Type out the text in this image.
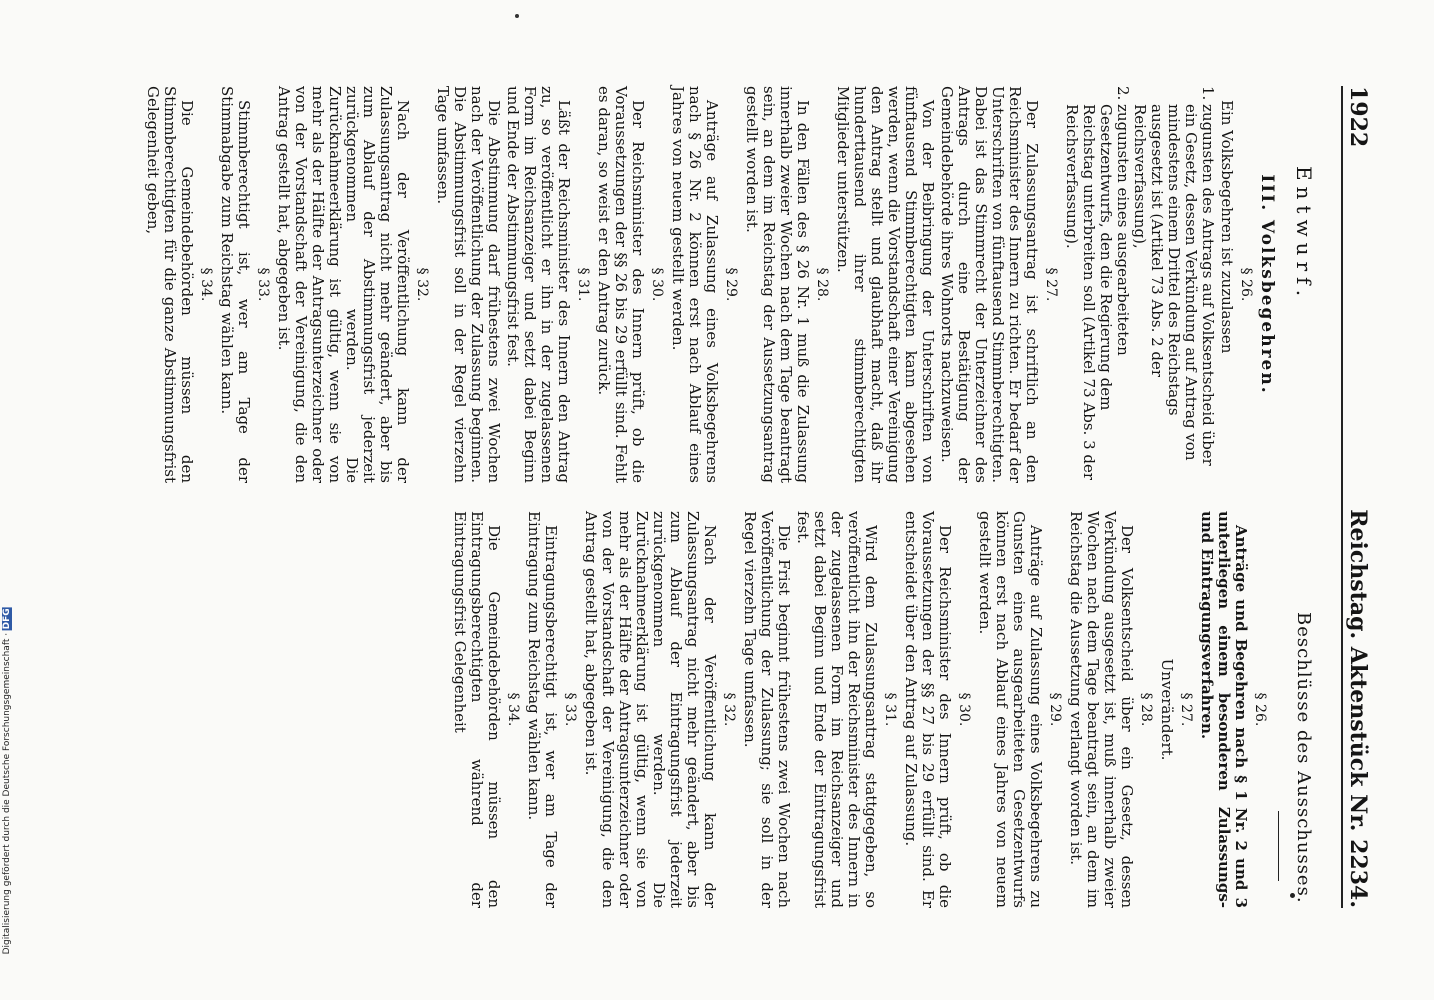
1922
Reichstag. Aktenstück Nr. 2234.
Entwurf.
Beschlüsse des Ausschusses.
III. Volksbegehren.
§ 26.

Ein Volksbegehren ist zuzulassen

1.
zugunsten des Antrags auf Volksentscheid über ein Gesetz, dessen Verkündung auf Antrag von mindestens einem Drittel des Reichstags ausgesetzt ist (Artikel 73 Abs. 2 der Reichsverfassung),
2.
zugunsten eines ausgearbeiteten Gesetzentwurfs, den die Regierung dem Reichstag unterbreiten soll (Artikel 73 Abs. 3 der Reichsverfassung).
§ 27.

Der Zulassungsantrag ist schriftlich an den Reichsminister des Innern zu richten. Er bedarf der Unterschriften von fünftausend Stimmberechtigten. Dabei ist das Stimmrecht der Unterzeichner des Antrags durch eine Bestätigung der Gemeindebehörde ihres Wohnorts nachzuweisen.

Von der Beibringung der Unterschriften von fünftausend Stimmberechtigten kann abgesehen werden, wenn die Vorstandschaft einer Vereinigung den Antrag stellt und glaubhaft macht, daß ihr hunderttausend ihrer stimmberechtigten Mitglieder unterstützen.

§ 28.

In den Fällen des § 26 Nr. 1 muß die Zulassung innerhalb zweier Wochen nach dem Tage beantragt sein, an dem im Reichstag der Aussetzungsantrag gestellt worden ist.

§ 29.

Anträge auf Zulassung eines Volksbegehrens nach § 26 Nr. 2 können erst nach Ablauf eines Jahres von neuem gestellt werden.

§ 30.

Der Reichsminister des Innern prüft, ob die Voraussetzungen der §§ 26 bis 29 erfüllt sind. Fehlt es daran, so weist er den Antrag zurück.

§ 31.

Läßt der Reichsminister des Innern den Antrag zu, so veröffentlicht er ihn in der zugelassenen Form im Reichsanzeiger und setzt dabei Beginn und Ende der Abstimmungsfrist fest.

Die Abstimmung darf frühestens zwei Wochen nach der Veröffentlichung der Zulassung beginnen. Die Abstimmungsfrist soll in der Regel vierzehn Tage umfassen.

§ 32.

Nach der Veröffentlichung kann der Zulassungsantrag nicht mehr geändert, aber bis zum Ablauf der Abstimmungsfrist jederzeit zurückgenommen werden. Die Zurücknahmeerklärung ist gültig, wenn sie von mehr als der Hälfte der Antragsunterzeichner oder von der Vorstandschaft der Vereinigung, die den Antrag gestellt hat, abgegeben ist.

§ 33.

Stimmberechtigt ist, wer am Tage der Stimmabgabe zum Reichstag wählen kann.

§ 34.

Die Gemeindebehörden müssen den Stimmberechtigten für die ganze Abstimmungsfrist Gelegenheit geben,

§ 26.

Anträge und Begehren nach § 1 Nr. 2 und 3 unterliegen einem besonderen Zulassungs- und Eintragungsverfahren.

§ 27.

Unverändert.

§ 28.

Der Volksentscheid über ein Gesetz, dessen Verkündung ausgesetzt ist, muß innerhalb zweier Wochen nach dem Tage beantragt sein, an dem im Reichstag die Aussetzung verlangt worden ist.

§ 29.

Anträge auf Zulassung eines Volksbegehrens zu Gunsten eines ausgearbeiteten Gesetzentwurfs können erst nach Ablauf eines Jahres von neuem gestellt werden.

§ 30.

Der Reichsminister des Innern prüft, ob die Voraussetzungen der §§ 27 bis 29 erfüllt sind. Er entscheidet über den Antrag auf Zulassung.

§ 31.

Wird dem Zulassungsantrag stattgegeben, so veröffentlicht ihn der Reichsminister des Innern in der zugelassenen Form im Reichsanzeiger und setzt dabei Beginn und Ende der Eintragungsfrist fest.

Die Frist beginnt frühestens zwei Wochen nach Veröffentlichung der Zulassung; sie soll in der Regel vierzehn Tage umfassen.

§ 32.

Nach der Veröffentlichung kann der Zulassungsantrag nicht mehr geändert, aber bis zum Ablauf der Eintragungsfrist jederzeit zurückgenommen werden. Die Zurücknahmeerklärung ist gültig, wenn sie von mehr als der Hälfte der Antragsunterzeichner oder von der Vorstandschaft der Vereinigung, die den Antrag gestellt hat, abgegeben ist.

§ 33.

Eintragungsberechtigt ist, wer am Tage der Eintragung zum Reichstag wählen kann.

§ 34.

Die Gemeindebehörden müssen den Eintragungsberechtigten während der Eintragungsfrist Gelegenheit

Digitalisierung gefördert durch die Deutsche Forschungsgemeinschaft · DFG
